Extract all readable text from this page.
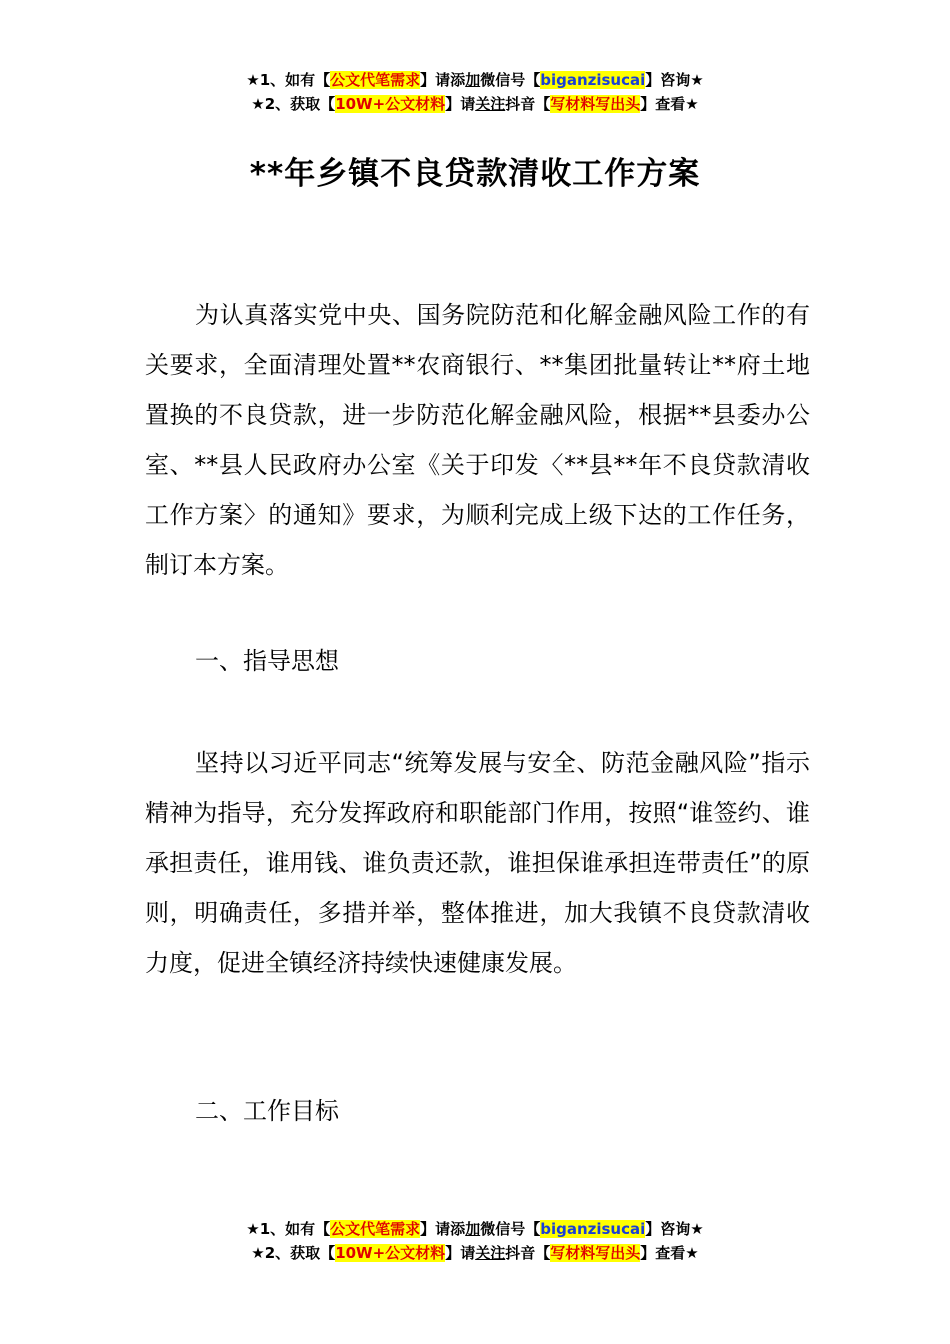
★1、如有【公文代笔需求】请添加微信号【biganzisucai】咨询★
★2、获取【10W+公文材料】请关注抖音【写材料写出头】查看★
**年乡镇不良贷款清收工作方案
为认真落实党中央、国务院防范和化解金融风险工作的有关要求，全面清理处置**农商银行、**集团批量转让**府土地置换的不良贷款，进一步防范化解金融风险，根据**县委办公室、**县人民政府办公室《关于印发〈**县**年不良贷款清收工作方案〉的通知》要求，为顺利完成上级下达的工作任务，制订本方案。
一、指导思想
坚持以习近平同志“统筹发展与安全、防范金融风险”指示精神为指导，充分发挥政府和职能部门作用，按照“谁签约、谁承担责任，谁用钱、谁负责还款，谁担保谁承担连带责任”的原则，明确责任，多措并举，整体推进，加大我镇不良贷款清收力度，促进全镇经济持续快速健康发展。
二、工作目标
★1、如有【公文代笔需求】请添加微信号【biganzisucai】咨询★
★2、获取【10W+公文材料】请关注抖音【写材料写出头】查看★
